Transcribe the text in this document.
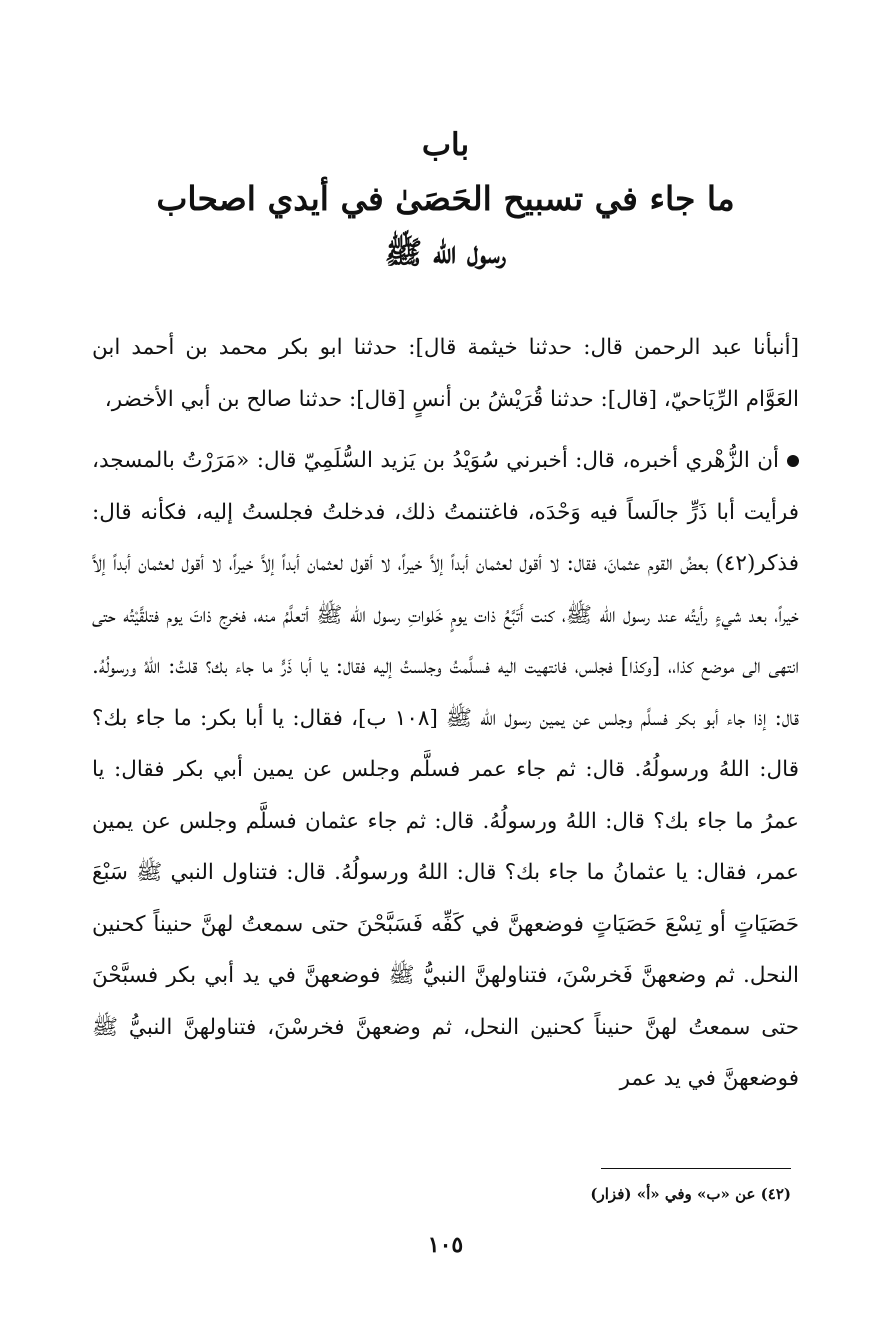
باب
ما جاء في تسبيح الحَصَىٰ في أيدي اصحاب
رسول الله ﷺ

[أنبأنا عبد الرحمن قال: حدثنا خيثمة قال]: حدثنا ابو بكر محمد بن أحمد ابن العَوَّام الرِّيَاحيّ، [قال]: حدثنا قُرَيْشُ بن أنسٍ [قال]: حدثنا صالح بن أبي الأخضر،

أن الزُّهْري أخبره، قال: أخبرني سُوَيْدُ بن يَزيد السُّلَمِيّ قال: «مَرَرْتُ بالمسجد، فرأيت أبا ذَرٍّ جالَساً فيه وَحْدَه، فاغتنمتُ ذلك، فدخلتُ فجلستُ إليه، فكأنه قال: فذكر(٤٢) بعضُ القوم عثمانَ، فقال: لا أقول لعثمان أبداً إلاَّ خيراً، لا أقول لعثمان أبداً إلاَّ خيراً، لا أقول لعثمان أبداً إلاَّ خيراً، بعد شيءٍ رأيتُه عند رسول الله ﷺ، كنت أَتَبَّعُ ذات يومٍ خَلواتِ رسول الله ﷺ أتعلَّمُ منه، فخرج ذاتَ يوم فتلقَّيْتُه حتى انتهى الى موضع كذا،، [وكذا] فجلس، فانتهيت اليه فسلَّمتُ وجلستُ إليه فقال: يا أبا ذَرٍّ ما جاء بك؟ قلتُ: اللهُ ورسولُهُ. قال: إذا جاء أبو بكر فسلَّم وجلس عن يمين رسول الله ﷺ [١٠٨ ب]، فقال: يا أبا بكر: ما جاء بك؟ قال: اللهُ ورسولُهُ. قال: ثم جاء عمر فسلَّم وجلس عن يمين أبي بكر فقال: يا عمرُ ما جاء بك؟ قال: اللهُ ورسولُهُ. قال: ثم جاء عثمان فسلَّم وجلس عن يمين عمر، فقال: يا عثمانُ ما جاء بك؟ قال: اللهُ ورسولُهُ. قال: فتناول النبي ﷺ سَبْعَ حَصَيَاتٍ أو تِسْعَ حَصَيَاتٍ فوضعهنَّ في كَفِّه فَسَبَّحْنَ حتى سمعتُ لهنَّ حنيناً كحنين النحل. ثم وضعهنَّ فَخرسْنَ، فتناولهنَّ النبيُّ ﷺ فوضعهنَّ في يد أبي بكر فسبَّحْنَ حتى سمعتُ لهنَّ حنيناً كحنين النحل، ثم وضعهنَّ فخرسْنَ، فتناولهنَّ النبيُّ ﷺ فوضعهنَّ في يد عمر

(٤٢) عن «ب» وفي «أ» (فزار)
١٠٥
